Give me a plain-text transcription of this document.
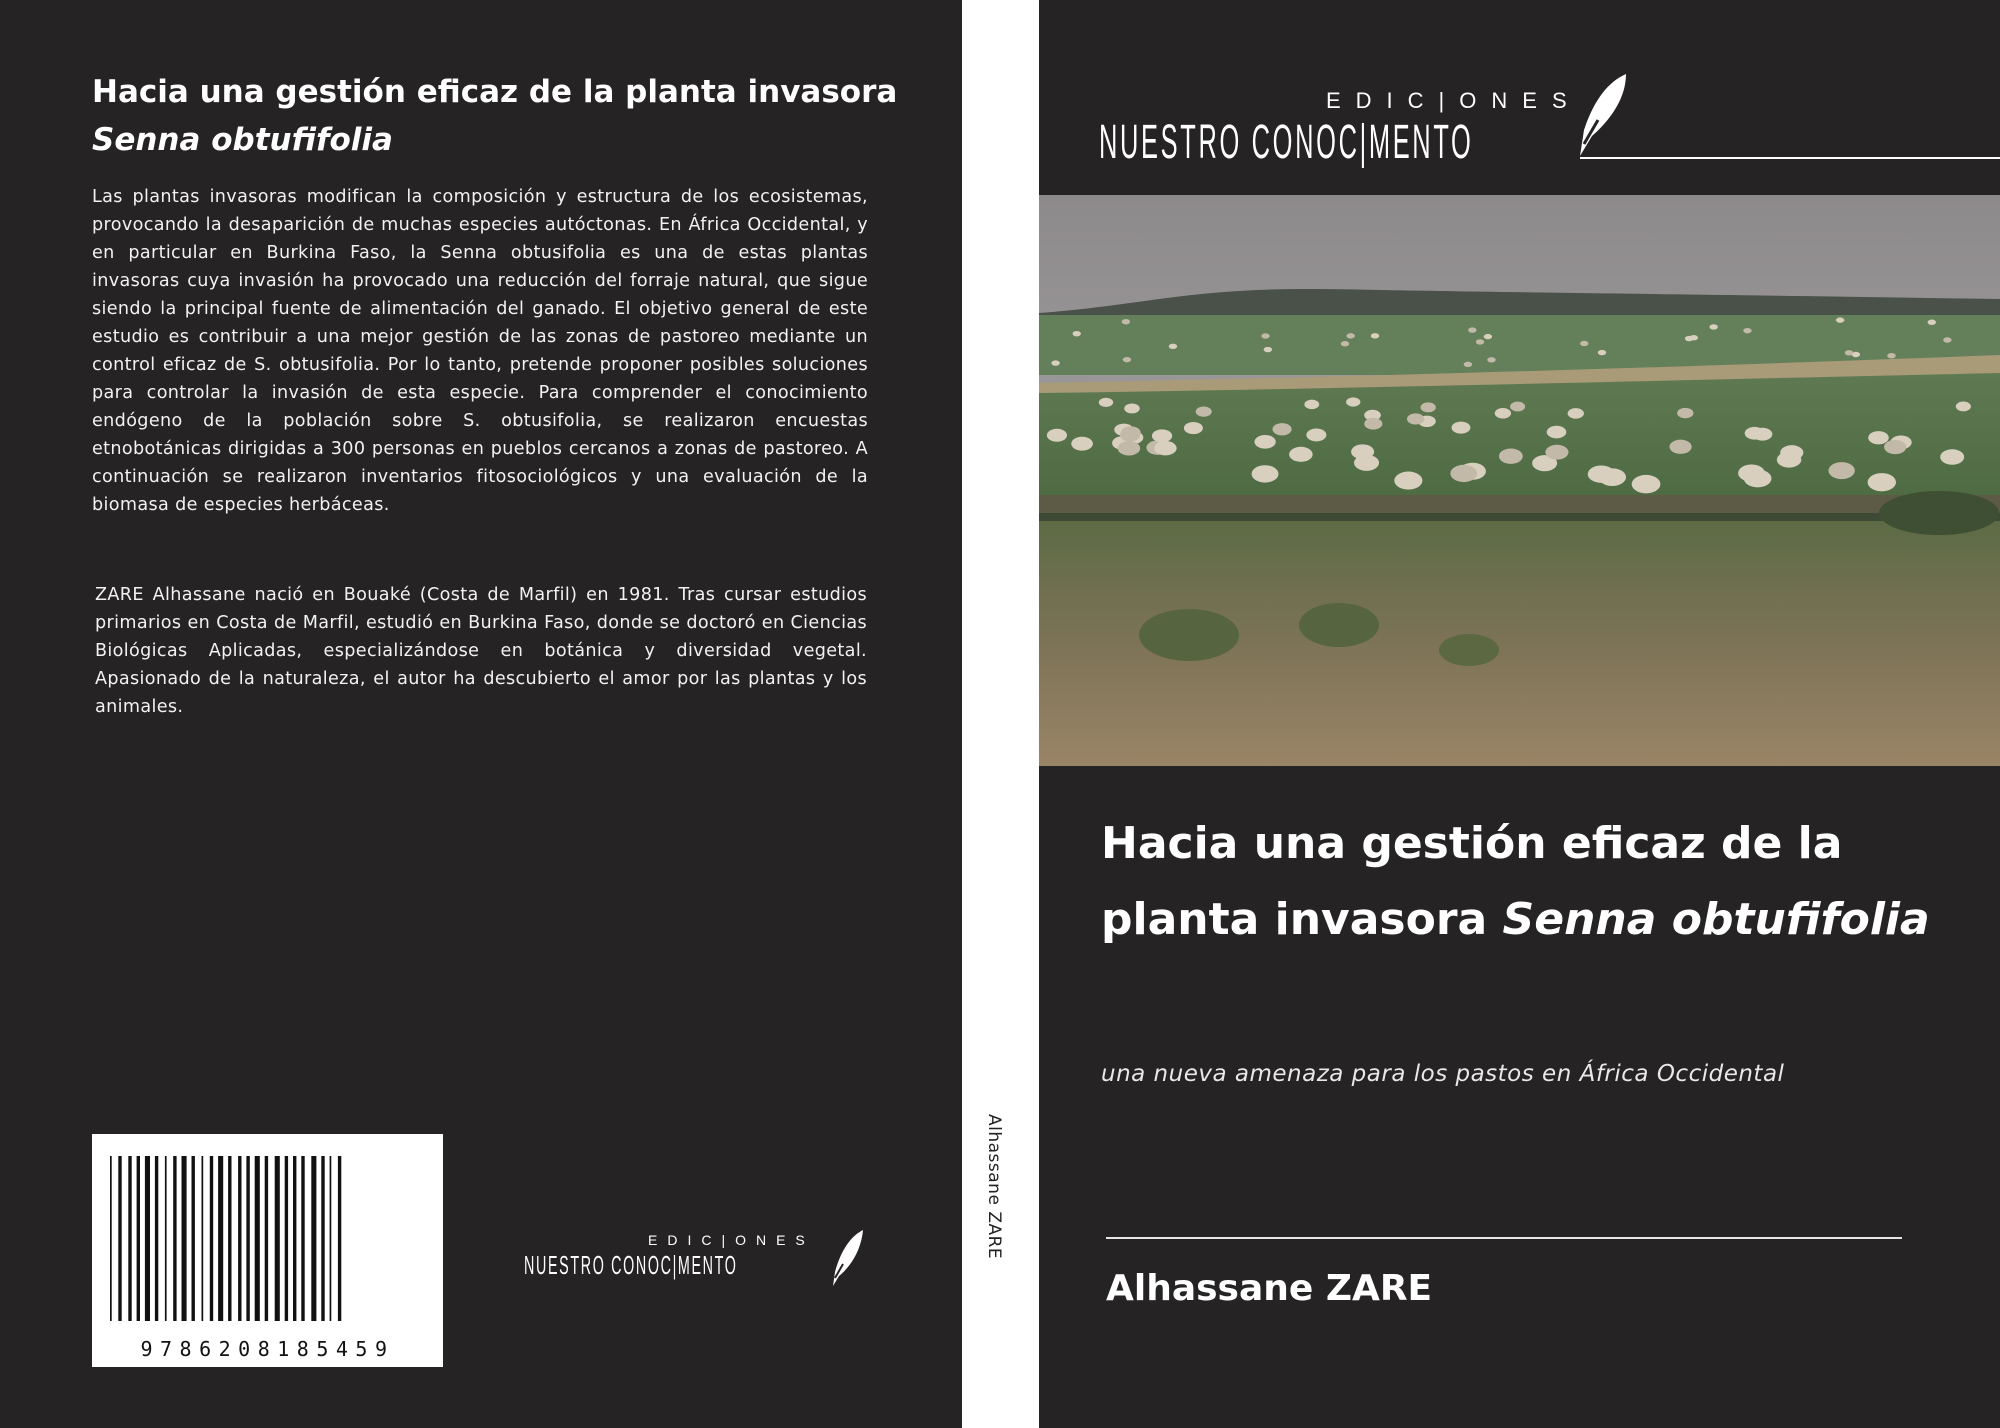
Hacia una gestión eficaz de la planta invasora Senna obtufifolia

Las plantas invasoras modifican la composición y estructura de los ecosistemas, provocando la desaparición de muchas especies autóctonas. En África Occidental, y en particular en Burkina Faso, la Senna obtusifolia es una de estas plantas invasoras cuya invasión ha provocado una reducción del forraje natural, que sigue siendo la principal fuente de alimentación del ganado. El objetivo general de este estudio es contribuir a una mejor gestión de las zonas de pastoreo mediante un control eficaz de S. obtusifolia. Por lo tanto, pretende proponer posibles soluciones para controlar la invasión de esta especie. Para comprender el conocimiento endógeno de la población sobre S. obtusifolia, se realizaron encuestas etnobotánicas dirigidas a 300 personas en pueblos cercanos a zonas de pastoreo. A continuación se realizaron inventarios fitosociológicos y una evaluación de la biomasa de especies herbáceas.

ZARE Alhassane nació en Bouaké (Costa de Marfil) en 1981. Tras cursar estudios primarios en Costa de Marfil, estudió en Burkina Faso, donde se doctoró en Ciencias Biológicas Aplicadas, especializándose en botánica y diversidad vegetal. Apasionado de la naturaleza, el autor ha descubierto el amor por las plantas y los animales.

9786208185459
EDIC|ONES
NUESTRO CONOC|MENTO
Alhassane ZARE
EDIC|ONES
NUESTRO CONOC|MENTO
Hacia una gestión eficaz de la planta invasora Senna obtufifolia

una nueva amenaza para los pastos en África Occidental

Alhassane ZARE
